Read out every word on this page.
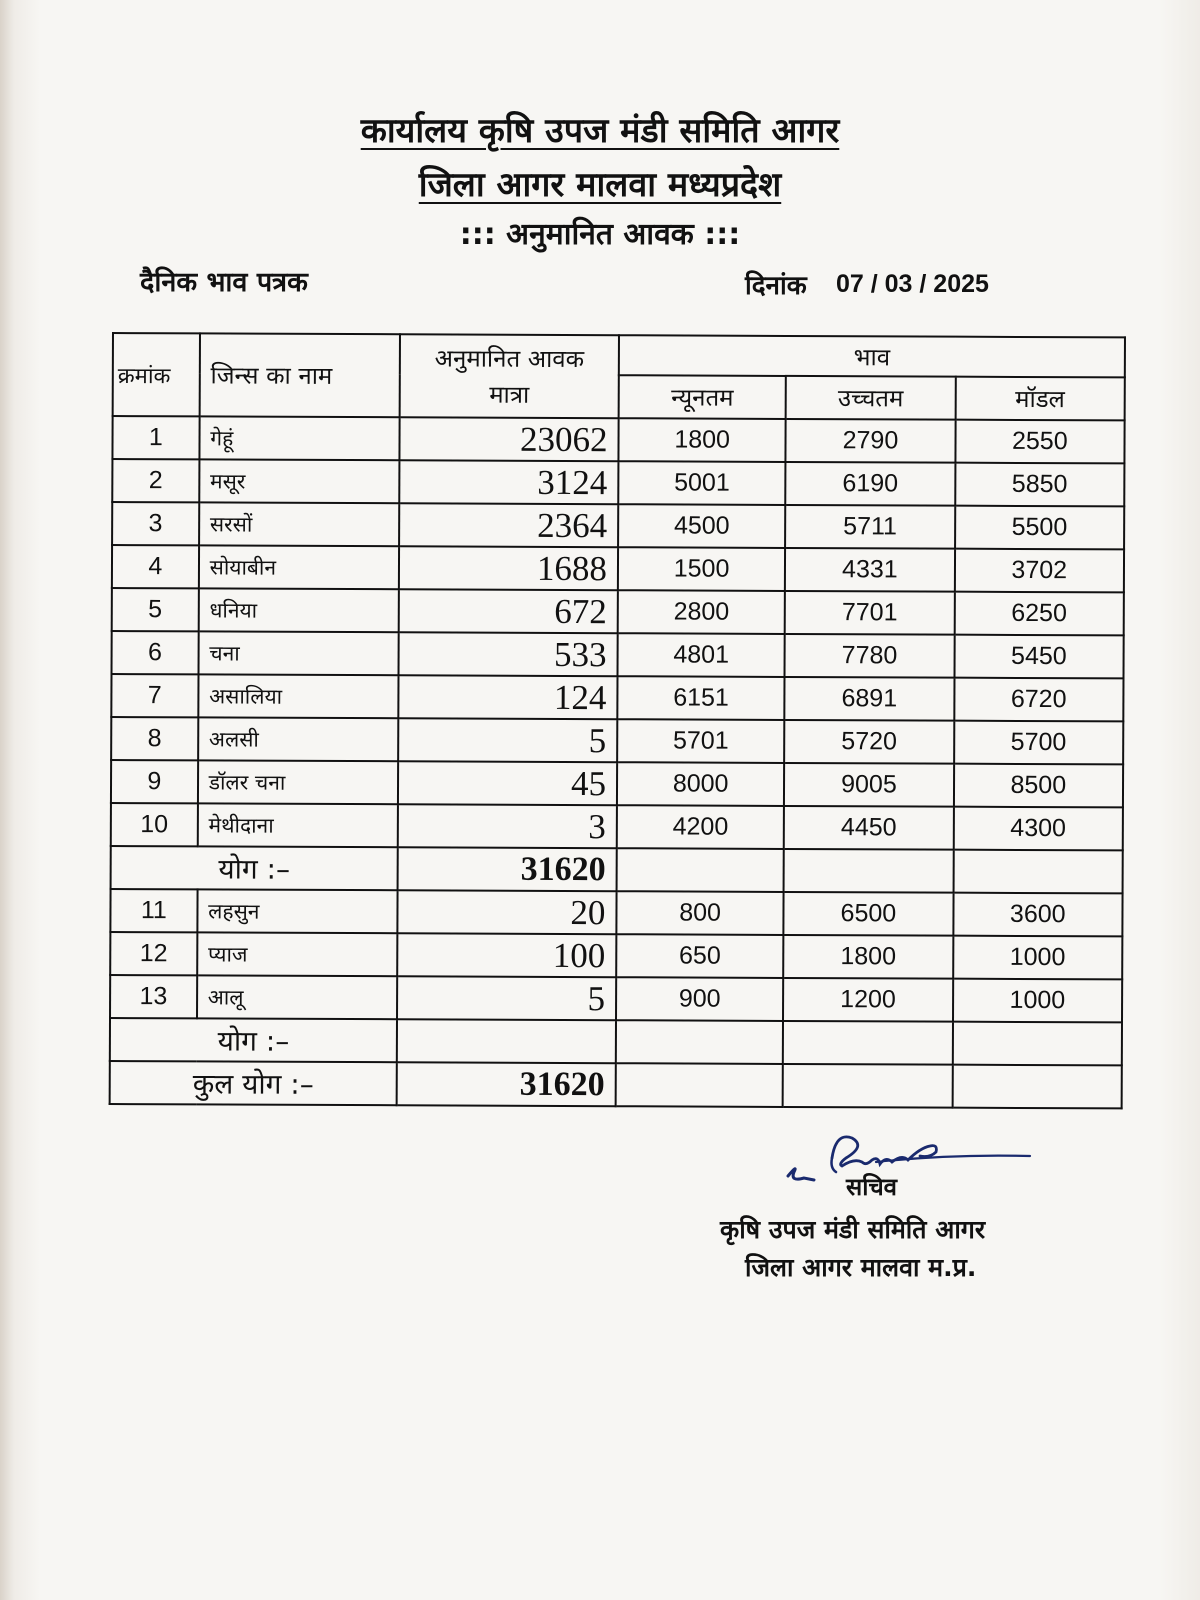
कार्यालय कृषि उपज मंडी समिति आगर
जिला आगर मालवा मध्यप्रदेश
::: अनुमानित आवक :::
दैनिक भाव पत्रक	दिनांक 07 / 03 / 2025
क्रमांक	जिन्स का नाम	अनुमानित आवक मात्रा	भाव		
			न्यूनतम	उच्चतम	मॉडल
1	गेहूं	23062	1800	2790	2550
2	मसूर	3124	5001	6190	5850
3	सरसों	2364	4500	5711	5500
4	सोयाबीन	1688	1500	4331	3702
5	धनिया	672	2800	7701	6250
6	चना	533	4801	7780	5450
7	असालिया	124	6151	6891	6720
8	अलसी	5	5701	5720	5700
9	डॉलर चना	45	8000	9005	8500
10	मेथीदाना	3	4200	4450	4300
योग :–		31620			
11	लहसुन	20	800	6500	3600
12	प्याज	100	650	1800	1000
13	आलू	5	900	1200	1000
योग :–					
कुल योग :–		31620			
सचिव
कृषि उपज मंडी समिति आगर
जिला आगर मालवा म.प्र.
